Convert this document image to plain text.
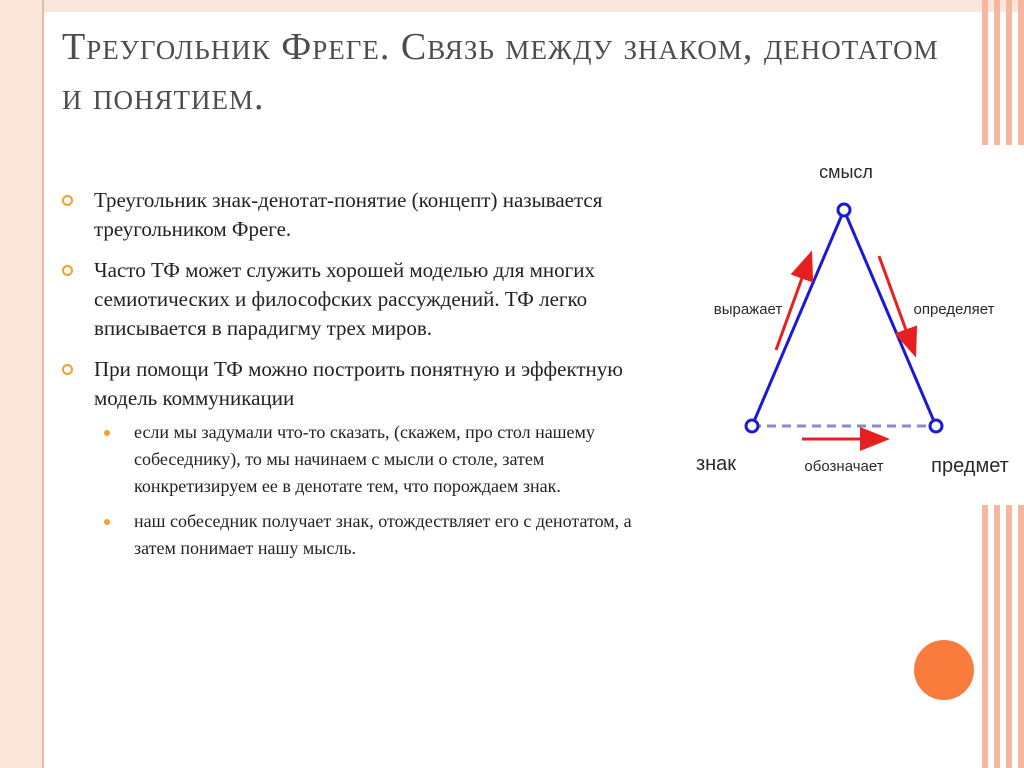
Треугольник Фреге. Связь между знаком, денотатом и понятием.
Треугольник знак-денотат-понятие (концепт) называется треугольником Фреге.
Часто ТФ может служить хорошей моделью для многих семиотических и философских рассуждений. ТФ легко вписывается в парадигму трех миров.
При помощи ТФ можно построить понятную и эффектную модель коммуникации
если мы задумали что-то сказать, (скажем, про стол нашему собеседнику), то мы начинаем с мысли о столе, затем конкретизируем ее в денотате тем, что порождаем знак.
наш собеседник получает знак, отождествляет его с денотатом, а затем понимает нашу мысль.
смысл
выражает	определяет
знак	обозначает предмет
